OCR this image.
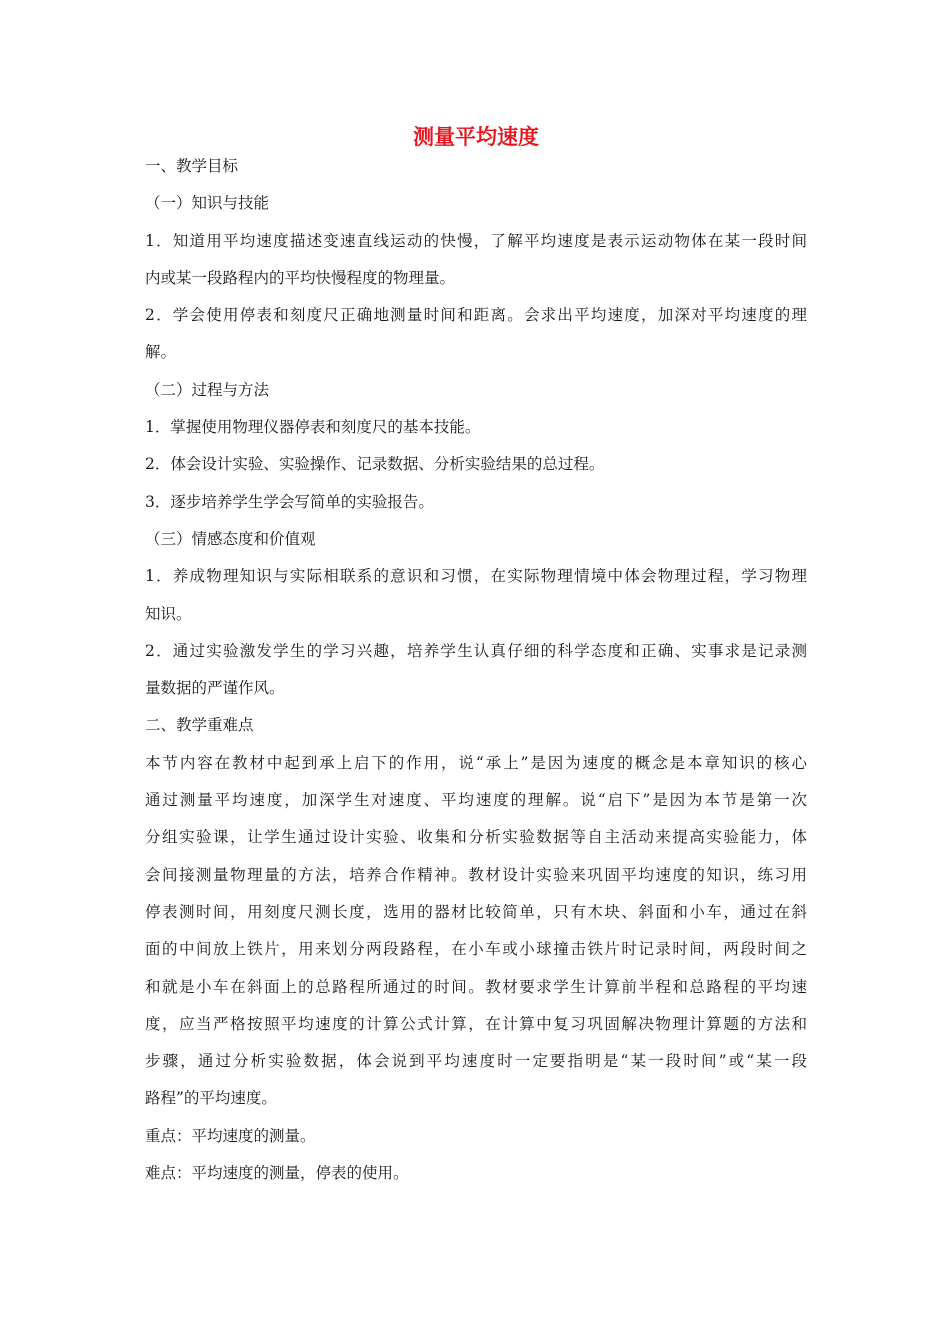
测量平均速度

一、教学目标

（一）知识与技能

1．知道用平均速度描述变速直线运动的快慢，了解平均速度是表示运动物体在某一段时间

内或某一段路程内的平均快慢程度的物理量。

2．学会使用停表和刻度尺正确地测量时间和距离。会求出平均速度，加深对平均速度的理

解。

（二）过程与方法

1．掌握使用物理仪器停表和刻度尺的基本技能。

2．体会设计实验、实验操作、记录数据、分析实验结果的总过程。

3．逐步培养学生学会写简单的实验报告。

（三）情感态度和价值观

1．养成物理知识与实际相联系的意识和习惯，在实际物理情境中体会物理过程，学习物理

知识。

2．通过实验激发学生的学习兴趣，培养学生认真仔细的科学态度和正确、实事求是记录测

量数据的严谨作风。

二、教学重难点

本节内容在教材中起到承上启下的作用，说“承上”是因为速度的概念是本章知识的核心

通过测量平均速度，加深学生对速度、平均速度的理解。说“启下”是因为本节是第一次

分组实验课，让学生通过设计实验、收集和分析实验数据等自主活动来提高实验能力，体

会间接测量物理量的方法，培养合作精神。教材设计实验来巩固平均速度的知识，练习用

停表测时间，用刻度尺测长度，选用的器材比较简单，只有木块、斜面和小车，通过在斜

面的中间放上铁片，用来划分两段路程，在小车或小球撞击铁片时记录时间，两段时间之

和就是小车在斜面上的总路程所通过的时间。教材要求学生计算前半程和总路程的平均速

度，应当严格按照平均速度的计算公式计算，在计算中复习巩固解决物理计算题的方法和

步骤，通过分析实验数据，体会说到平均速度时一定要指明是“某一段时间”或“某一段

路程”的平均速度。

重点：平均速度的测量。

难点：平均速度的测量，停表的使用。
